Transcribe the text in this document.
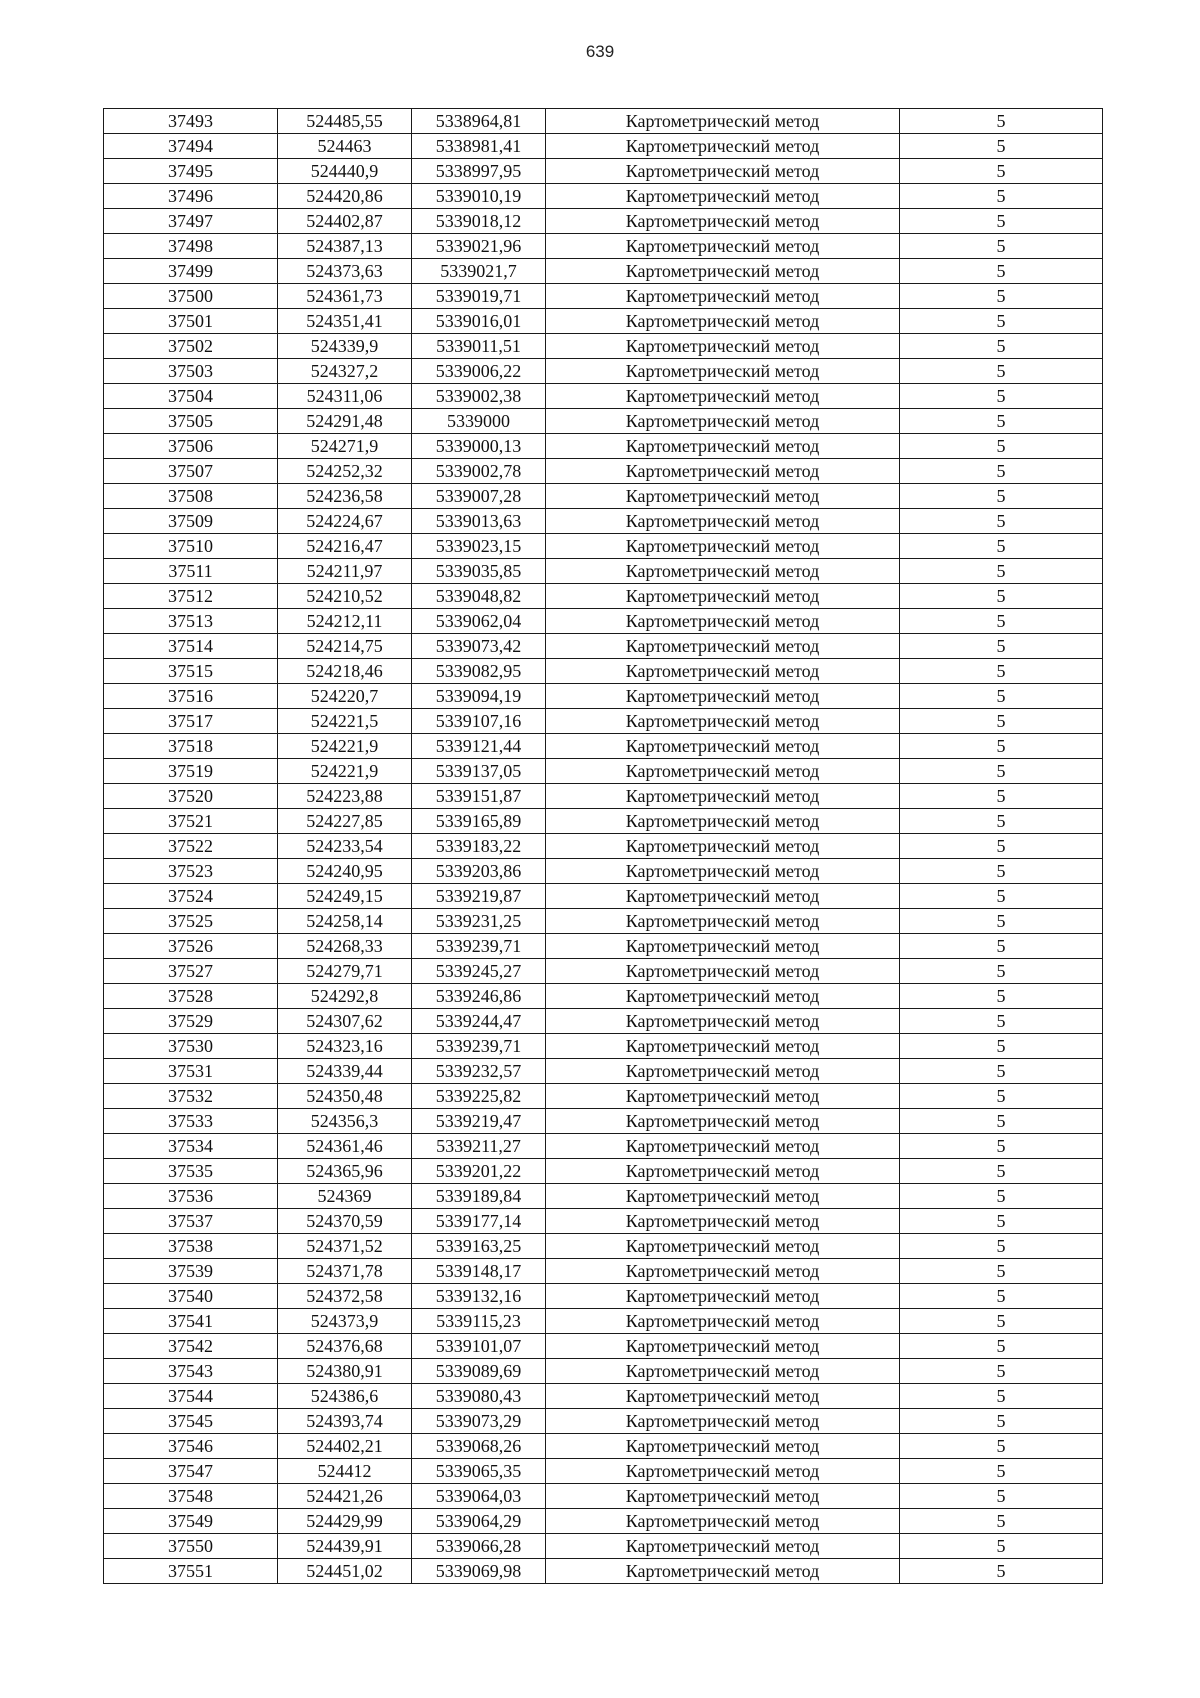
639
37493	524485,55	5338964,81	Картометрический метод	5
37494	524463	5338981,41	Картометрический метод	5
37495	524440,9	5338997,95	Картометрический метод	5
37496	524420,86	5339010,19	Картометрический метод	5
37497	524402,87	5339018,12	Картометрический метод	5
37498	524387,13	5339021,96	Картометрический метод	5
37499	524373,63	5339021,7	Картометрический метод	5
37500	524361,73	5339019,71	Картометрический метод	5
37501	524351,41	5339016,01	Картометрический метод	5
37502	524339,9	5339011,51	Картометрический метод	5
37503	524327,2	5339006,22	Картометрический метод	5
37504	524311,06	5339002,38	Картометрический метод	5
37505	524291,48	5339000	Картометрический метод	5
37506	524271,9	5339000,13	Картометрический метод	5
37507	524252,32	5339002,78	Картометрический метод	5
37508	524236,58	5339007,28	Картометрический метод	5
37509	524224,67	5339013,63	Картометрический метод	5
37510	524216,47	5339023,15	Картометрический метод	5
37511	524211,97	5339035,85	Картометрический метод	5
37512	524210,52	5339048,82	Картометрический метод	5
37513	524212,11	5339062,04	Картометрический метод	5
37514	524214,75	5339073,42	Картометрический метод	5
37515	524218,46	5339082,95	Картометрический метод	5
37516	524220,7	5339094,19	Картометрический метод	5
37517	524221,5	5339107,16	Картометрический метод	5
37518	524221,9	5339121,44	Картометрический метод	5
37519	524221,9	5339137,05	Картометрический метод	5
37520	524223,88	5339151,87	Картометрический метод	5
37521	524227,85	5339165,89	Картометрический метод	5
37522	524233,54	5339183,22	Картометрический метод	5
37523	524240,95	5339203,86	Картометрический метод	5
37524	524249,15	5339219,87	Картометрический метод	5
37525	524258,14	5339231,25	Картометрический метод	5
37526	524268,33	5339239,71	Картометрический метод	5
37527	524279,71	5339245,27	Картометрический метод	5
37528	524292,8	5339246,86	Картометрический метод	5
37529	524307,62	5339244,47	Картометрический метод	5
37530	524323,16	5339239,71	Картометрический метод	5
37531	524339,44	5339232,57	Картометрический метод	5
37532	524350,48	5339225,82	Картометрический метод	5
37533	524356,3	5339219,47	Картометрический метод	5
37534	524361,46	5339211,27	Картометрический метод	5
37535	524365,96	5339201,22	Картометрический метод	5
37536	524369	5339189,84	Картометрический метод	5
37537	524370,59	5339177,14	Картометрический метод	5
37538	524371,52	5339163,25	Картометрический метод	5
37539	524371,78	5339148,17	Картометрический метод	5
37540	524372,58	5339132,16	Картометрический метод	5
37541	524373,9	5339115,23	Картометрический метод	5
37542	524376,68	5339101,07	Картометрический метод	5
37543	524380,91	5339089,69	Картометрический метод	5
37544	524386,6	5339080,43	Картометрический метод	5
37545	524393,74	5339073,29	Картометрический метод	5
37546	524402,21	5339068,26	Картометрический метод	5
37547	524412	5339065,35	Картометрический метод	5
37548	524421,26	5339064,03	Картометрический метод	5
37549	524429,99	5339064,29	Картометрический метод	5
37550	524439,91	5339066,28	Картометрический метод	5
37551	524451,02	5339069,98	Картометрический метод	5
